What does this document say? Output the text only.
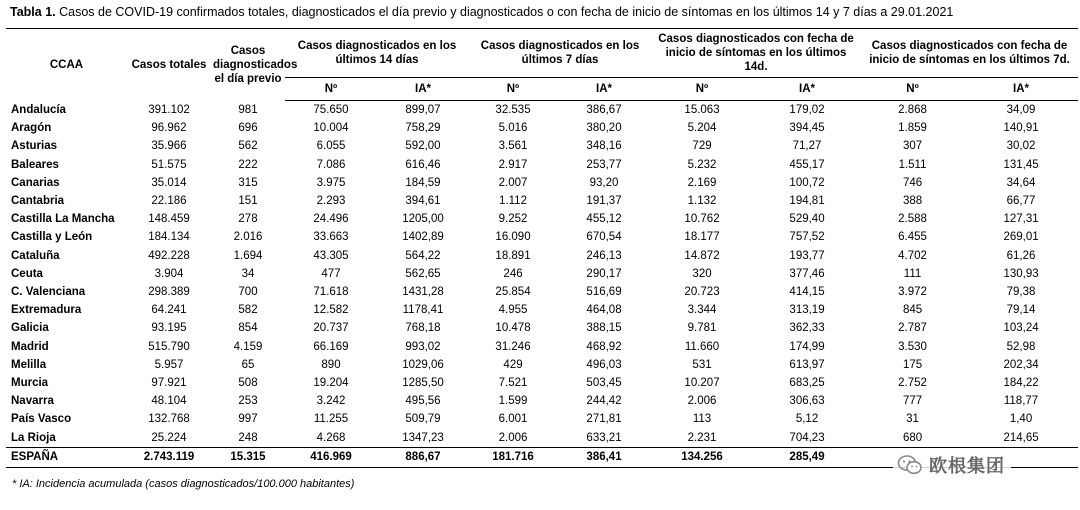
Tabla 1. Casos de COVID-19 confirmados totales, diagnosticados el día previo y diagnosticados o con fecha de inicio de síntomas en los últimos 14 y 7 días a 29.01.2021
CCAA	Casos totales	Casos diagnosticados el día previo	Casos diagnosticados en los últimos 14 días		Casos diagnosticados en los últimos 7 días		Casos diagnosticados con fecha de inicio de síntomas en los últimos 14d.		Casos diagnosticados con fecha de inicio de síntomas en los últimos 7d.	
			Nº	IA*	Nº	IA*	Nº	IA*	Nº	IA*
Andalucía	391.102	981	75.650	899,07	32.535	386,67	15.063	179,02	2.868	34,09
Aragón	96.962	696	10.004	758,29	5.016	380,20	5.204	394,45	1.859	140,91
Asturias	35.966	562	6.055	592,00	3.561	348,16	729	71,27	307	30,02
Baleares	51.575	222	7.086	616,46	2.917	253,77	5.232	455,17	1.511	131,45
Canarias	35.014	315	3.975	184,59	2.007	93,20	2.169	100,72	746	34,64
Cantabria	22.186	151	2.293	394,61	1.112	191,37	1.132	194,81	388	66,77
Castilla La Mancha	148.459	278	24.496	1205,00	9.252	455,12	10.762	529,40	2.588	127,31
Castilla y León	184.134	2.016	33.663	1402,89	16.090	670,54	18.177	757,52	6.455	269,01
Cataluña	492.228	1.694	43.305	564,22	18.891	246,13	14.872	193,77	4.702	61,26
Ceuta	3.904	34	477	562,65	246	290,17	320	377,46	111	130,93
C. Valenciana	298.389	700	71.618	1431,28	25.854	516,69	20.723	414,15	3.972	79,38
Extremadura	64.241	582	12.582	1178,41	4.955	464,08	3.344	313,19	845	79,14
Galicia	93.195	854	20.737	768,18	10.478	388,15	9.781	362,33	2.787	103,24
Madrid	515.790	4.159	66.169	993,02	31.246	468,92	11.660	174,99	3.530	52,98
Melilla	5.957	65	890	1029,06	429	496,03	531	613,97	175	202,34
Murcia	97.921	508	19.204	1285,50	7.521	503,45	10.207	683,25	2.752	184,22
Navarra	48.104	253	3.242	495,56	1.599	244,42	2.006	306,63	777	118,77
País Vasco	132.768	997	11.255	509,79	6.001	271,81	113	5,12	31	1,40
La Rioja	25.224	248	4.268	1347,23	2.006	633,21	2.231	704,23	680	214,65
ESPAÑA	2.743.119	15.315	416.969	886,67	181.716	386,41	134.256	285,49		
* IA: Incidencia acumulada (casos diagnosticados/100.000 habitantes)
欧根集团
